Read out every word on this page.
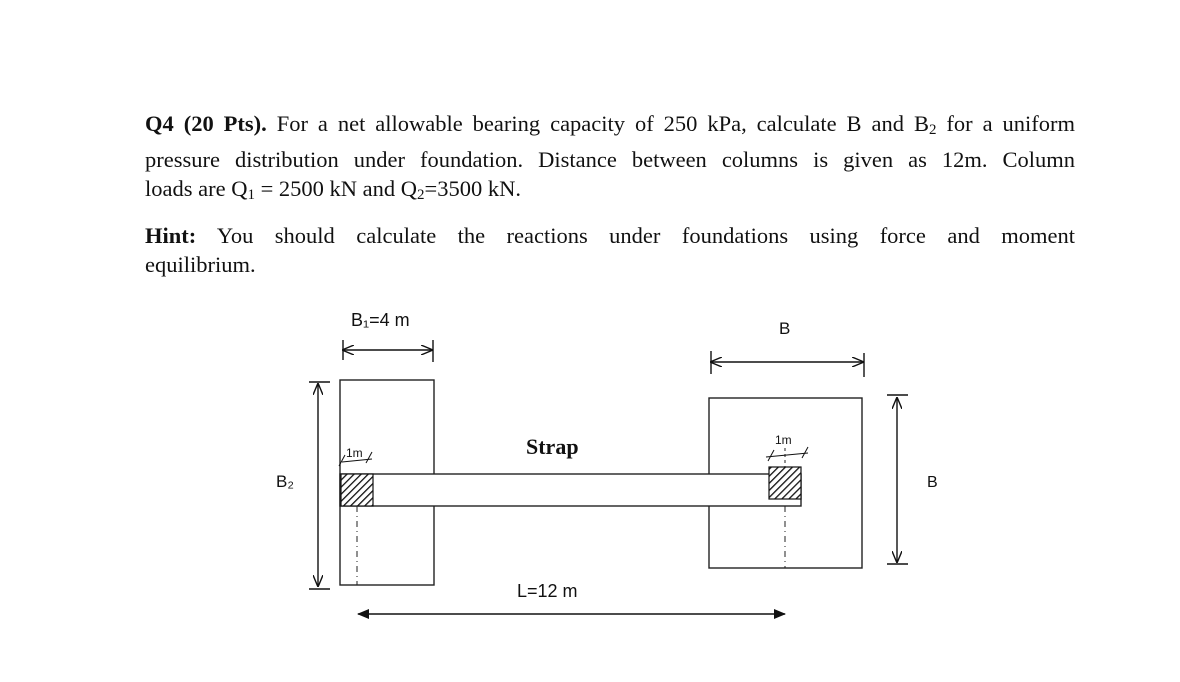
Q4 (20 Pts). For a net allowable bearing capacity of 250 kPa, calculate B and $B_2$ for a uniform
pressure distribution under foundation. Distance between columns is given as 12m. Column
loads are $Q_1 = 2500$ kN and $Q_2=3500$ kN.
Hint: You should calculate the reactions under foundations using force and moment
equilibrium.
B₁=4 m	B
B₂	B
Strap
1m
1m
L=12 m
